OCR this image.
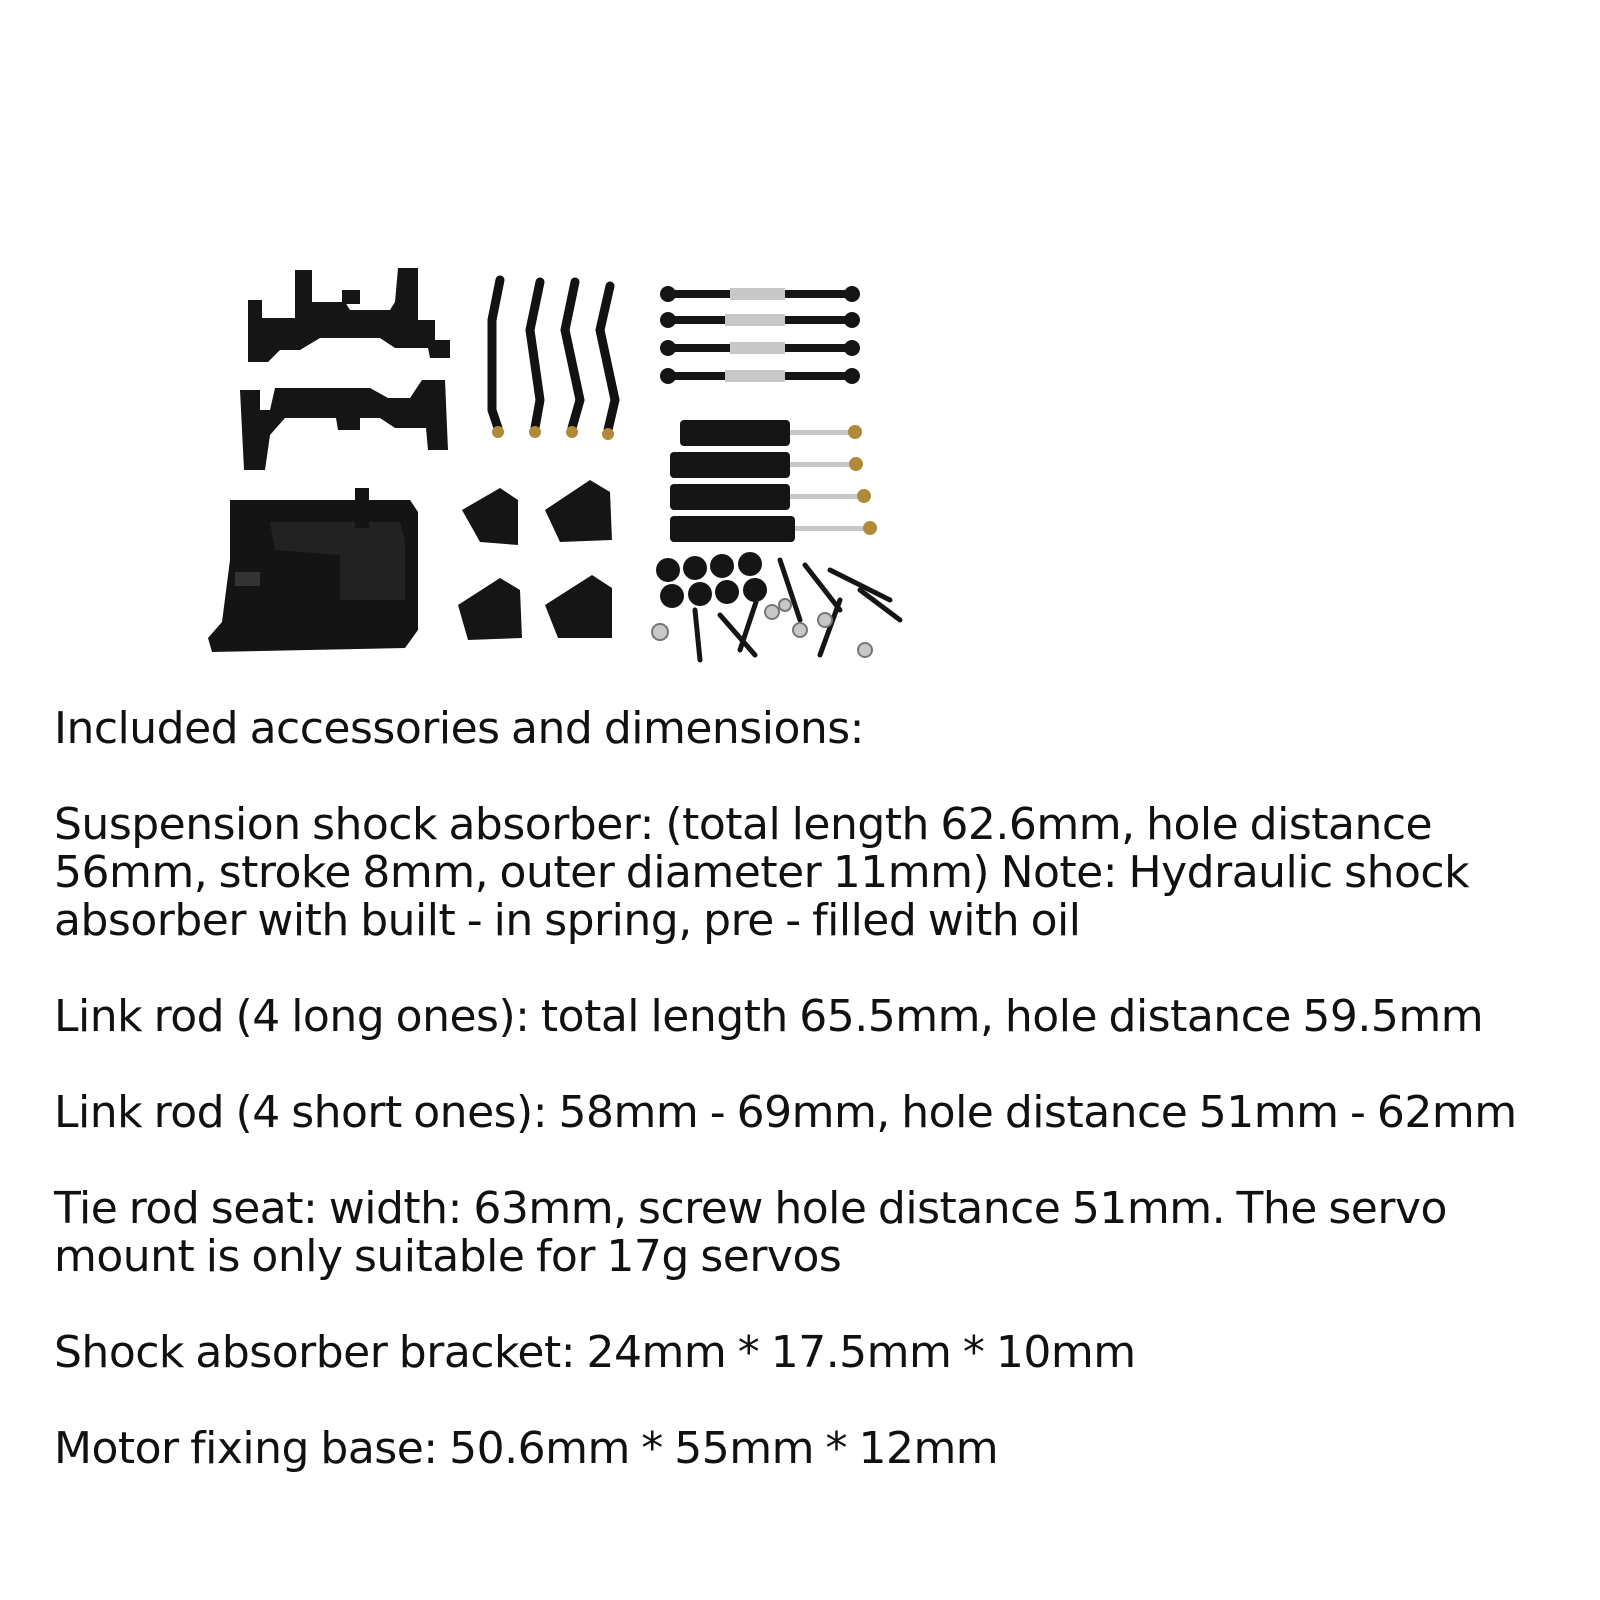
Included accessories and dimensions:

Suspension shock absorber: (total length 62.6mm, hole distance 56mm, stroke 8mm, outer diameter 11mm) Note: Hydraulic shock absorber with built - in spring, pre - filled with oil

Link rod (4 long ones): total length 65.5mm, hole distance 59.5mm

Link rod (4 short ones): 58mm - 69mm, hole distance 51mm - 62mm

Tie rod seat: width: 63mm, screw hole distance 51mm. The servo mount is only suitable for 17g servos

Shock absorber bracket: 24mm * 17.5mm * 10mm

Motor fixing base: 50.6mm * 55mm * 12mm
